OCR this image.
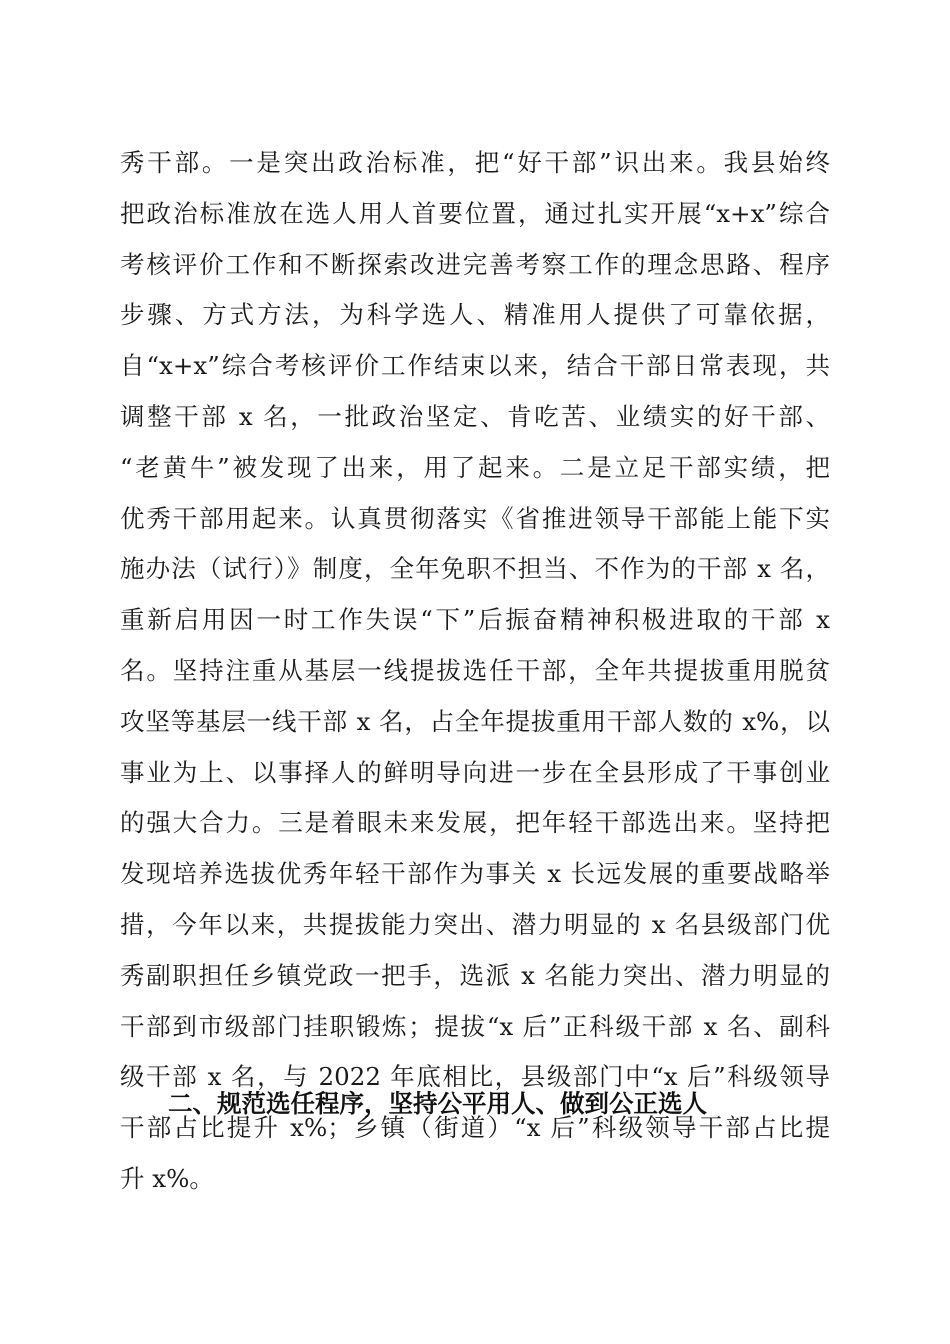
秀干部。一是突出政治标准，把“好干部”识出来。我县始终
把政治标准放在选人用人首要位置，通过扎实开展“x+x”综合
考核评价工作和不断探索改进完善考察工作的理念思路、程序
步骤、方式方法，为科学选人、精准用人提供了可靠依据，
自“x+x”综合考核评价工作结束以来，结合干部日常表现，共
调整干部 x 名，一批政治坚定、肯吃苦、业绩实的好干部、
“老黄牛”被发现了出来，用了起来。二是立足干部实绩，把
优秀干部用起来。认真贯彻落实《省推进领导干部能上能下实
施办法（试行）》制度，全年免职不担当、不作为的干部 x 名，
重新启用因一时工作失误“下”后振奋精神积极进取的干部 x
名。坚持注重从基层一线提拔选任干部，全年共提拔重用脱贫
攻坚等基层一线干部 x 名，占全年提拔重用干部人数的 x%，以
事业为上、以事择人的鲜明导向进一步在全县形成了干事创业
的强大合力。三是着眼未来发展，把年轻干部选出来。坚持把
发现培养选拔优秀年轻干部作为事关 x 长远发展的重要战略举
措，今年以来，共提拔能力突出、潜力明显的 x 名县级部门优
秀副职担任乡镇党政一把手，选派 x 名能力突出、潜力明显的
干部到市级部门挂职锻炼；提拔“x 后”正科级干部 x 名、副科
级干部 x 名，与 2022 年底相比，县级部门中“x 后”科级领导
干部占比提升 x%；乡镇（街道）“x 后”科级领导干部占比提
升 x%。
二、规范选任程序，坚持公平用人、做到公正选人
